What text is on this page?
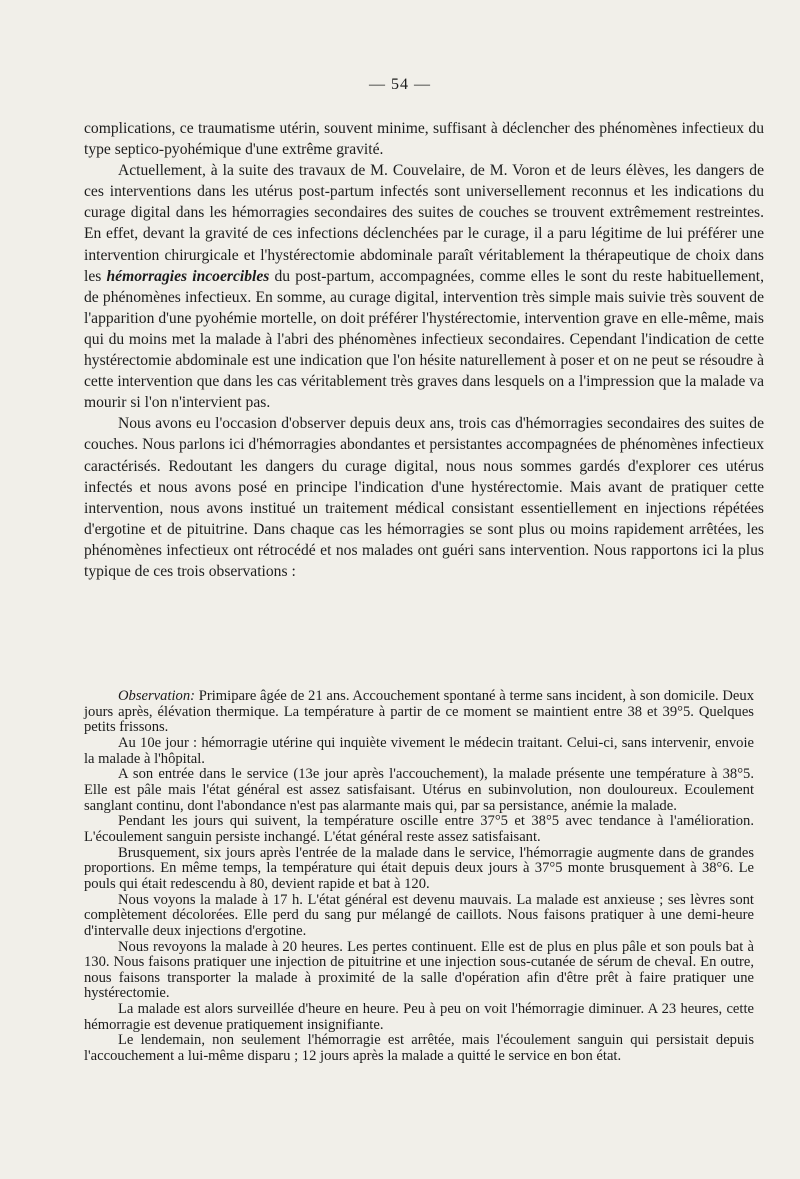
— 54 —

complications, ce traumatisme utérin, souvent minime, suffisant à déclencher des phénomènes infectieux du type septico-pyohémique d'une extrême gravité.

Actuellement, à la suite des travaux de M. Couvelaire, de M. Voron et de leurs élèves, les dangers de ces interventions dans les utérus post-partum infectés sont universellement reconnus et les indications du curage digital dans les hémorragies secondaires des suites de couches se trouvent extrêmement restreintes. En effet, devant la gravité de ces infections déclenchées par le curage, il a paru légitime de lui préférer une intervention chirurgicale et l'hystérectomie abdominale paraît véritablement la thérapeutique de choix dans les hémorragies incoercibles du post-partum, accompagnées, comme elles le sont du reste habituellement, de phénomènes infectieux. En somme, au curage digital, intervention très simple mais suivie très souvent de l'apparition d'une pyohémie mortelle, on doit préférer l'hystérectomie, intervention grave en elle-même, mais qui du moins met la malade à l'abri des phénomènes infectieux secondaires. Cependant l'indication de cette hystérectomie abdominale est une indication que l'on hésite naturellement à poser et on ne peut se résoudre à cette intervention que dans les cas véritablement très graves dans lesquels on a l'impression que la malade va mourir si l'on n'intervient pas.

Nous avons eu l'occasion d'observer depuis deux ans, trois cas d'hémorragies secondaires des suites de couches. Nous parlons ici d'hémorragies abondantes et persistantes accompagnées de phénomènes infectieux caractérisés. Redoutant les dangers du curage digital, nous nous sommes gardés d'explorer ces utérus infectés et nous avons posé en principe l'indication d'une hystérectomie. Mais avant de pratiquer cette intervention, nous avons institué un traitement médical consistant essentiellement en injections répétées d'ergotine et de pituitrine. Dans chaque cas les hémorragies se sont plus ou moins rapidement arrêtées, les phénomènes infectieux ont rétrocédé et nos malades ont guéri sans intervention. Nous rapportons ici la plus typique de ces trois observations :

Observation: Primipare âgée de 21 ans. Accouchement spontané à terme sans incident, à son domicile. Deux jours après, élévation thermique. La température à partir de ce moment se maintient entre 38 et 39°5. Quelques petits frissons.

Au 10e jour : hémorragie utérine qui inquiète vivement le médecin traitant. Celui-ci, sans intervenir, envoie la malade à l'hôpital.

A son entrée dans le service (13e jour après l'accouchement), la malade présente une température à 38°5. Elle est pâle mais l'état général est assez satisfaisant. Utérus en subinvolution, non douloureux. Ecoulement sanglant continu, dont l'abondance n'est pas alarmante mais qui, par sa persistance, anémie la malade.

Pendant les jours qui suivent, la température oscille entre 37°5 et 38°5 avec tendance à l'amélioration. L'écoulement sanguin persiste inchangé. L'état général reste assez satisfaisant.

Brusquement, six jours après l'entrée de la malade dans le service, l'hémorragie augmente dans de grandes proportions. En même temps, la température qui était depuis deux jours à 37°5 monte brusquement à 38°6. Le pouls qui était redescendu à 80, devient rapide et bat à 120.

Nous voyons la malade à 17 h. L'état général est devenu mauvais. La malade est anxieuse ; ses lèvres sont complètement décolorées. Elle perd du sang pur mélangé de caillots. Nous faisons pratiquer à une demi-heure d'intervalle deux injections d'ergotine.

Nous revoyons la malade à 20 heures. Les pertes continuent. Elle est de plus en plus pâle et son pouls bat à 130. Nous faisons pratiquer une injection de pituitrine et une injection sous-cutanée de sérum de cheval. En outre, nous faisons transporter la malade à proximité de la salle d'opération afin d'être prêt à faire pratiquer une hystérectomie.

La malade est alors surveillée d'heure en heure. Peu à peu on voit l'hémorragie diminuer. A 23 heures, cette hémorragie est devenue pratiquement insignifiante.

Le lendemain, non seulement l'hémorragie est arrêtée, mais l'écoulement sanguin qui persistait depuis l'accouchement a lui-même disparu ; 12 jours après la malade a quitté le service en bon état.
